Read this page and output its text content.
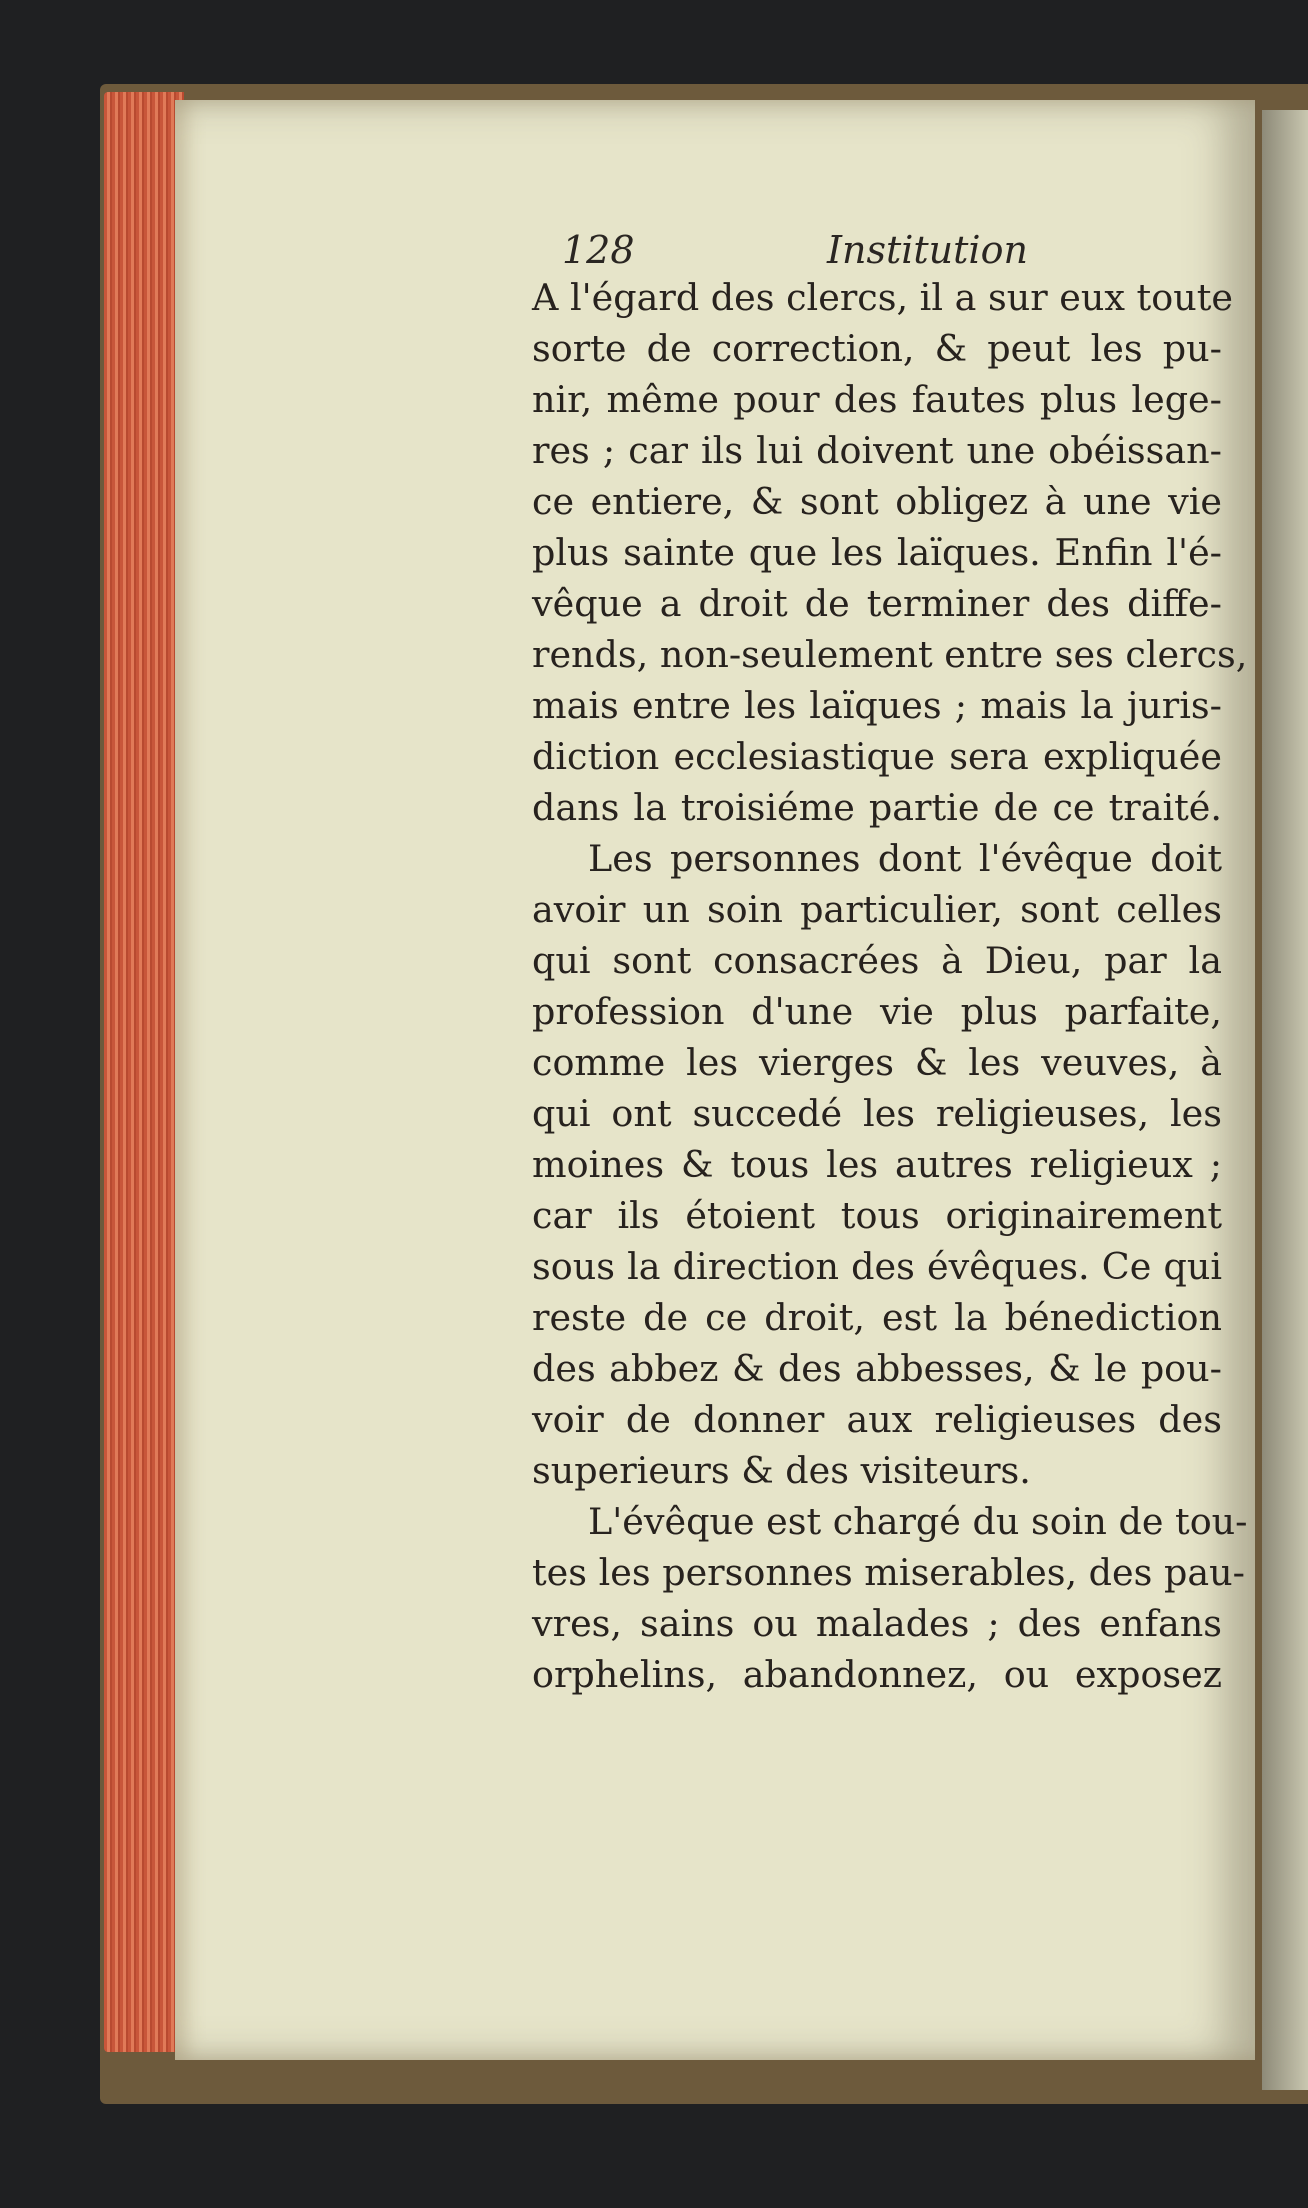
128	Institution
A l'égard des clercs, il a sur eux toute
sorte de correction, & peut les pu-
nir, même pour des fautes plus lege-
res ; car ils lui doivent une obéissan-
ce entiere, & sont obligez à une vie
plus sainte que les laïques. Enfin l'é-
vêque a droit de terminer des diffe-
rends, non-seulement entre ses clercs,
mais entre les laïques ; mais la juris-
diction ecclesiastique sera expliquée
dans la troisiéme partie de ce traité.
Les personnes dont l'évêque doit
avoir un soin particulier, sont celles
qui sont consacrées à Dieu, par la
profession d'une vie plus parfaite,
comme les vierges & les veuves, à
qui ont succedé les religieuses, les
moines & tous les autres religieux ;
car ils étoient tous originairement
sous la direction des évêques. Ce qui
reste de ce droit, est la bénediction
des abbez & des abbesses, & le pou-
voir de donner aux religieuses des
superieurs & des visiteurs.
L'évêque est chargé du soin de tou-
tes les personnes miserables, des pau-
vres, sains ou malades ; des enfans
orphelins, abandonnez, ou exposez
